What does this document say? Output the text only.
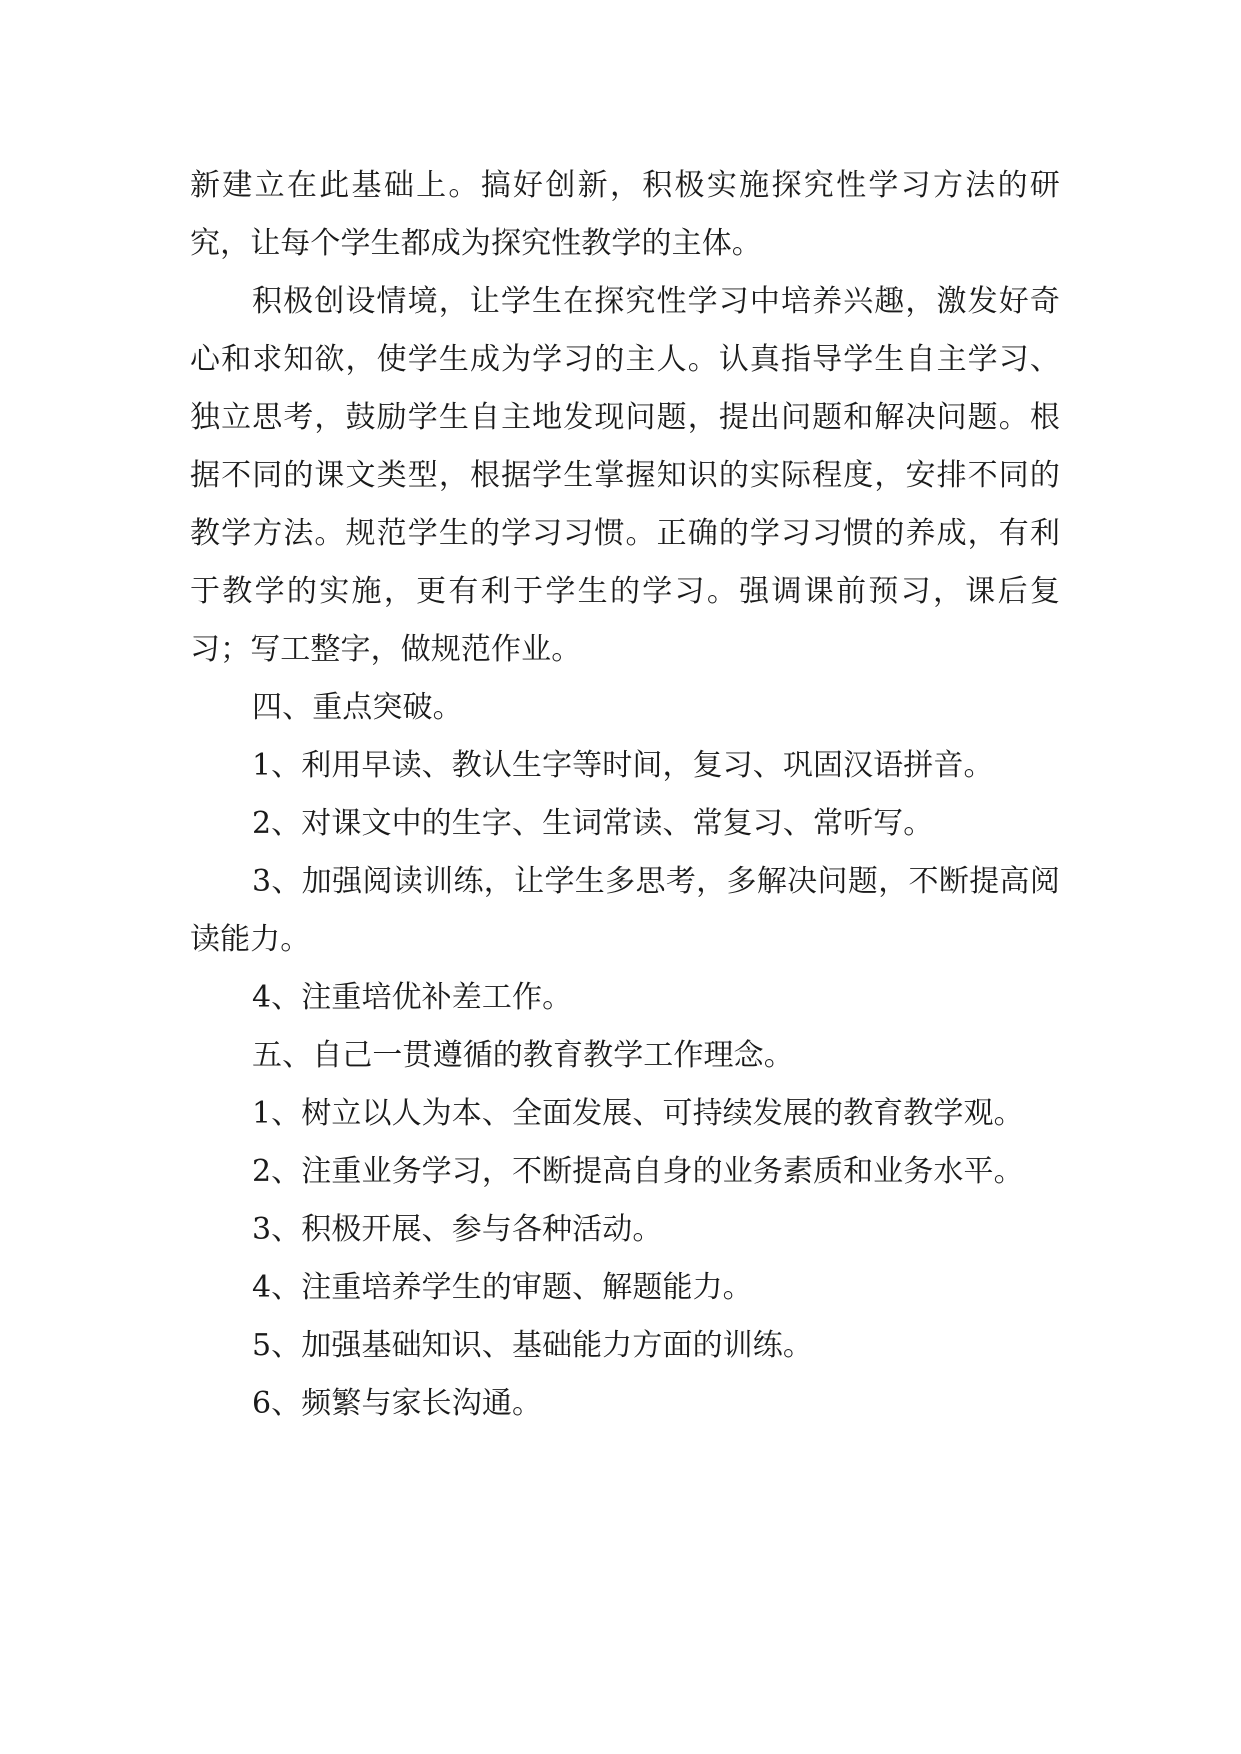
新建立在此基础上。搞好创新，积极实施探究性学习方法的研究，让每个学生都成为探究性教学的主体。

积极创设情境，让学生在探究性学习中培养兴趣，激发好奇心和求知欲，使学生成为学习的主人。认真指导学生自主学习、独立思考，鼓励学生自主地发现问题，提出问题和解决问题。根据不同的课文类型，根据学生掌握知识的实际程度，安排不同的教学方法。规范学生的学习习惯。正确的学习习惯的养成，有利于教学的实施，更有利于学生的学习。强调课前预习，课后复习；写工整字，做规范作业。

四、重点突破。

1、利用早读、教认生字等时间，复习、巩固汉语拼音。

2、对课文中的生字、生词常读、常复习、常听写。

3、加强阅读训练，让学生多思考，多解决问题，不断提高阅读能力。

4、注重培优补差工作。

五、自己一贯遵循的教育教学工作理念。

1、树立以人为本、全面发展、可持续发展的教育教学观。

2、注重业务学习，不断提高自身的业务素质和业务水平。

3、积极开展、参与各种活动。

4、注重培养学生的审题、解题能力。

5、加强基础知识、基础能力方面的训练。

6、频繁与家长沟通。
